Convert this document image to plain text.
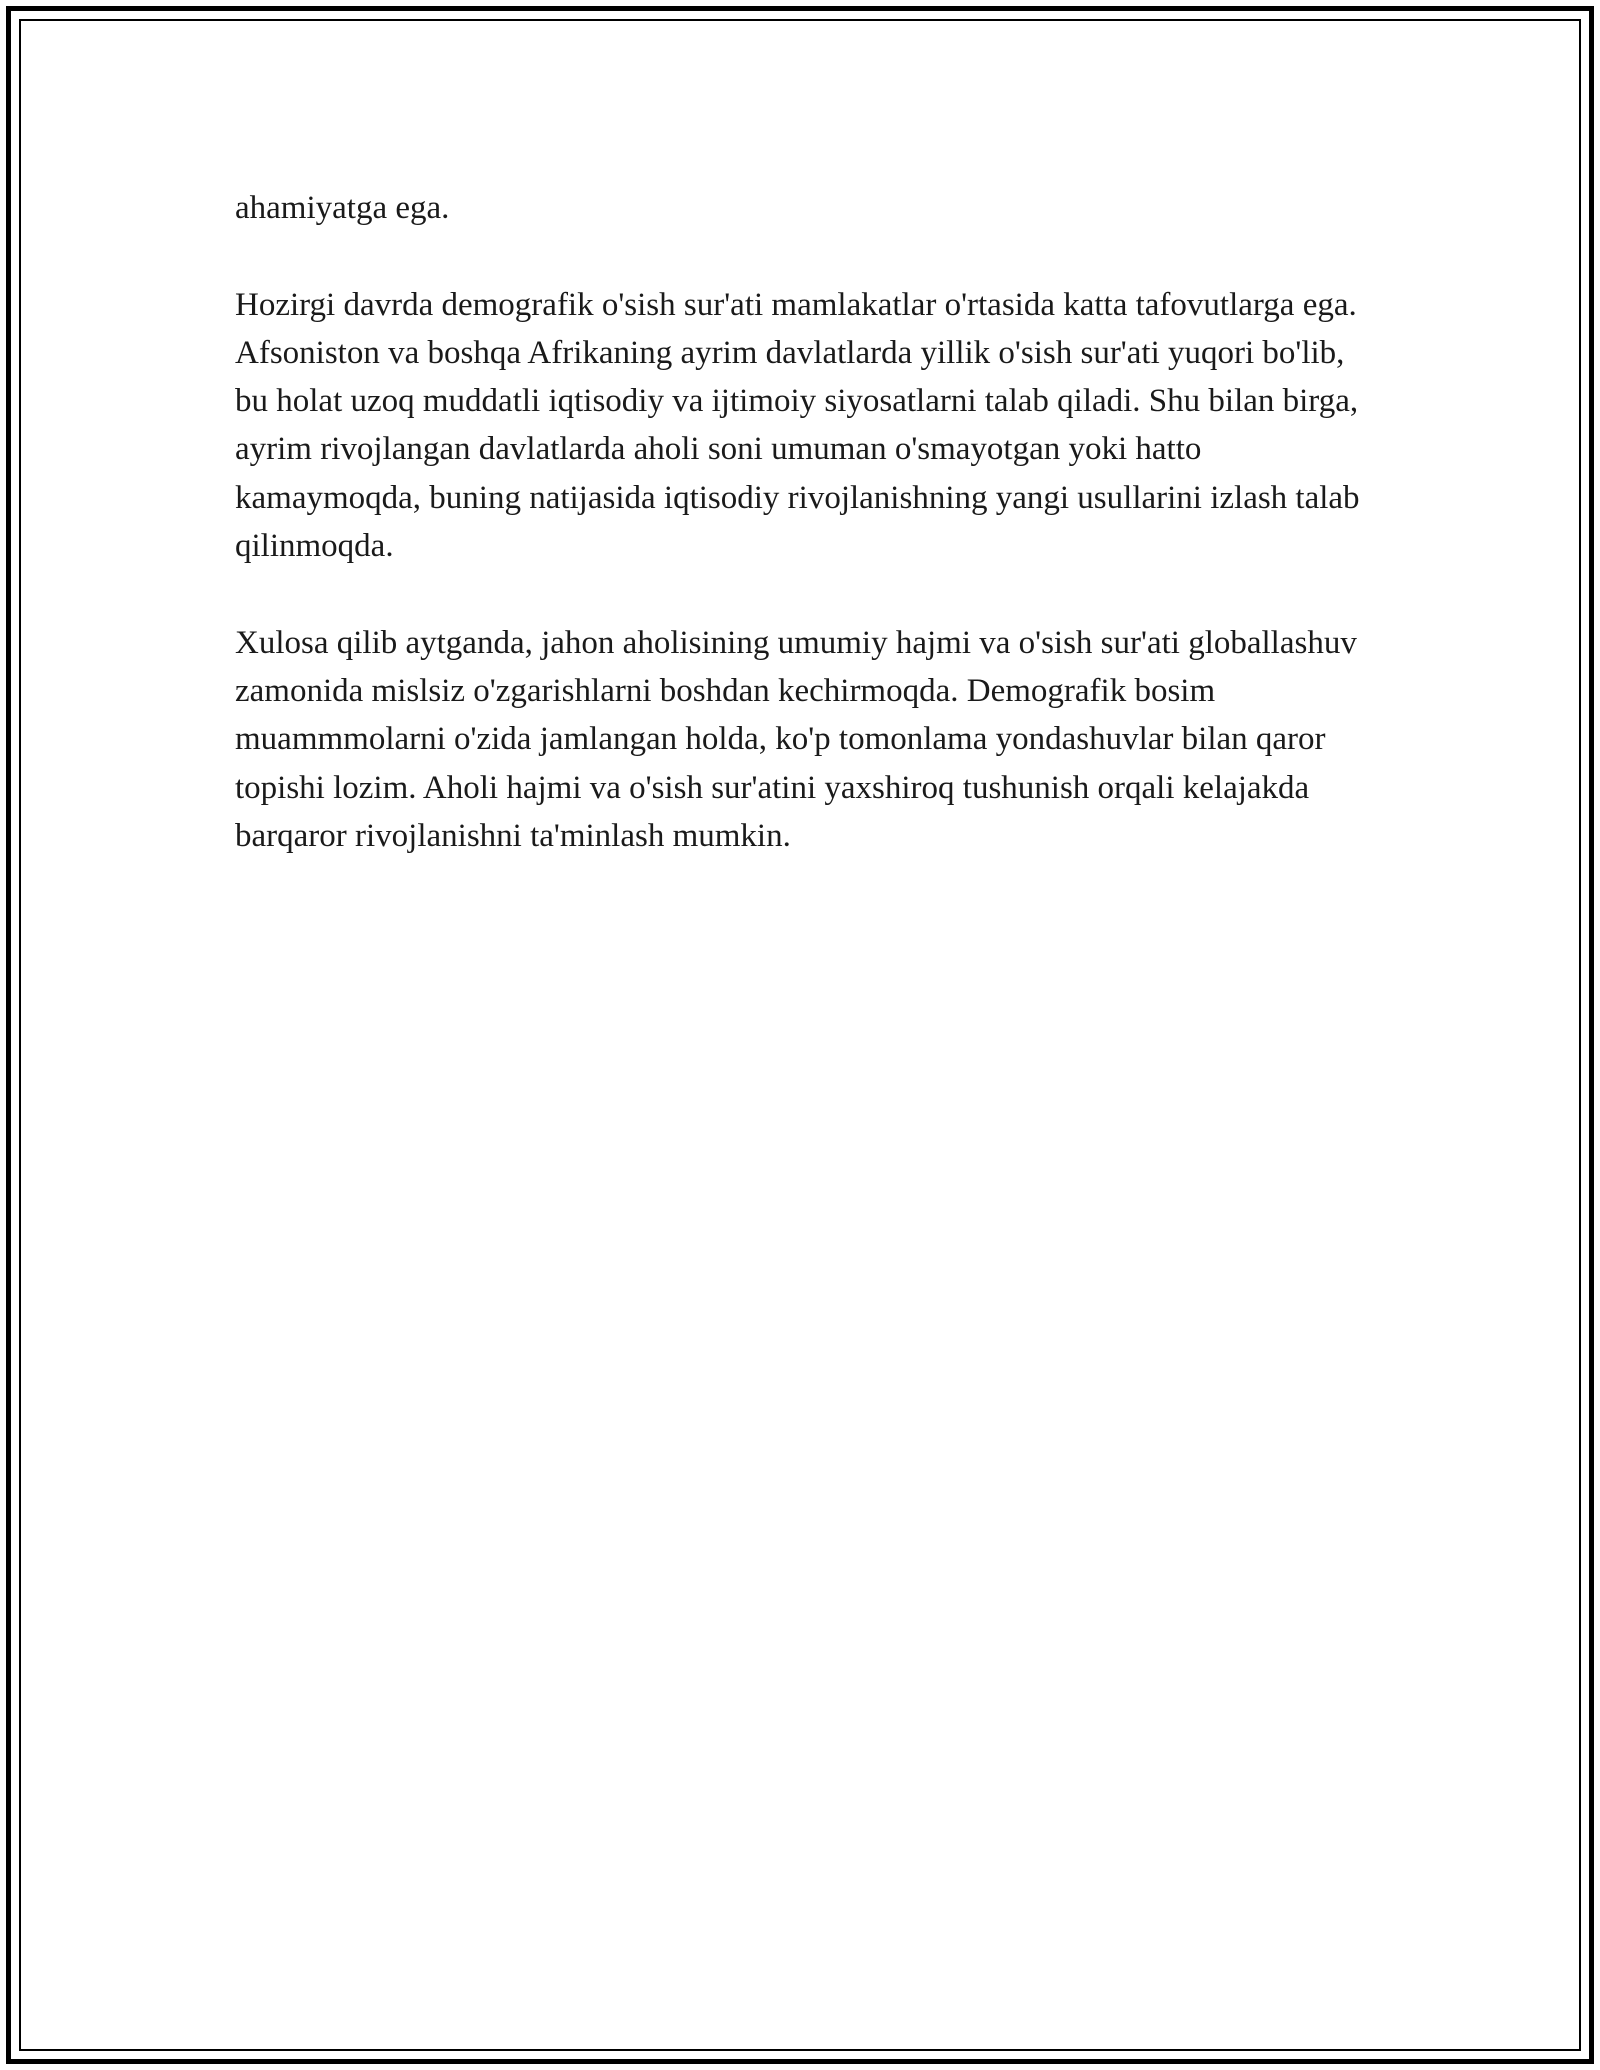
ahamiyatga ega.

Hozirgi davrda demografik o'sish sur'ati mamlakatlar o'rtasida katta tafovutlarga ega. Afsoniston va boshqa Afrikaning ayrim davlatlarda yillik o'sish sur'ati yuqori bo'lib, bu holat uzoq muddatli iqtisodiy va ijtimoiy siyosatlarni talab qiladi. Shu bilan birga, ayrim rivojlangan davlatlarda aholi soni umuman o'smayotgan yoki hatto kamaymoqda, buning natijasida iqtisodiy rivojlanishning yangi usullarini izlash talab qilinmoqda.

Xulosa qilib aytganda, jahon aholisining umumiy hajmi va o'sish sur'ati globallashuv zamonida mislsiz o'zgarishlarni boshdan kechirmoqda. Demografik bosim muammmolarni o'zida jamlangan holda, ko'p tomonlama yondashuvlar bilan qaror topishi lozim. Aholi hajmi va o'sish sur'atini yaxshiroq tushunish orqali kelajakda barqaror rivojlanishni ta'minlash mumkin.
